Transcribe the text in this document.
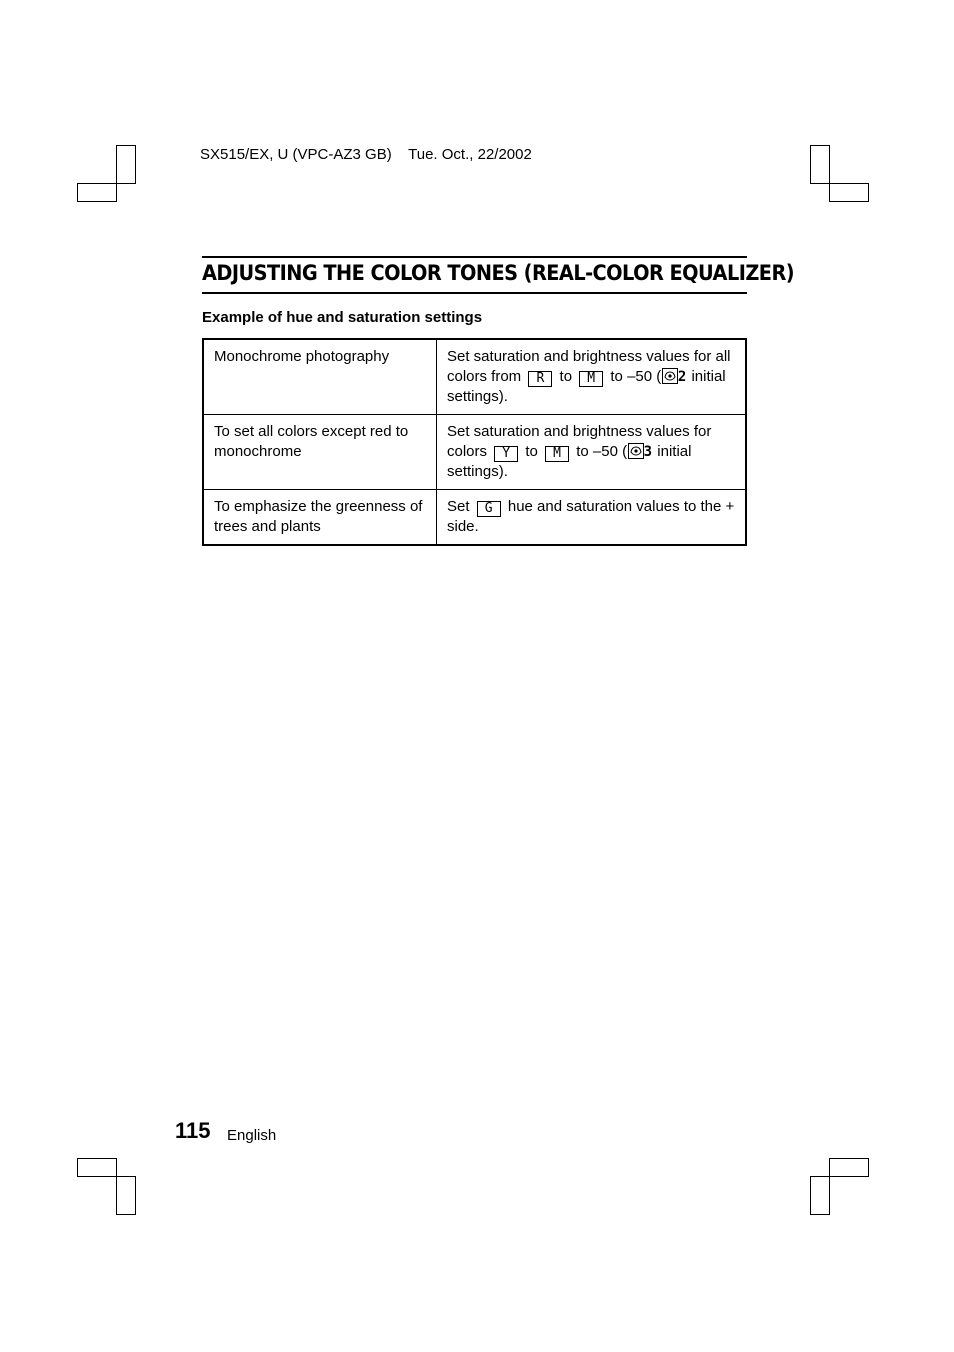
SX515/EX, U (VPC-AZ3 GB) Tue. Oct., 22/2002
ADJUSTING THE COLOR TONES (REAL-COLOR EQUALIZER)
Example of hue and saturation settings
Monochrome photography	Set saturation and brightness values for all colors from R to M to –50 ( 2 initial settings).
To set all colors except red to monochrome	Set saturation and brightness values for colors Y to M to –50 ( 3 initial settings).
To emphasize the greenness of trees and plants	Set G hue and saturation values to the + side.
115 English
